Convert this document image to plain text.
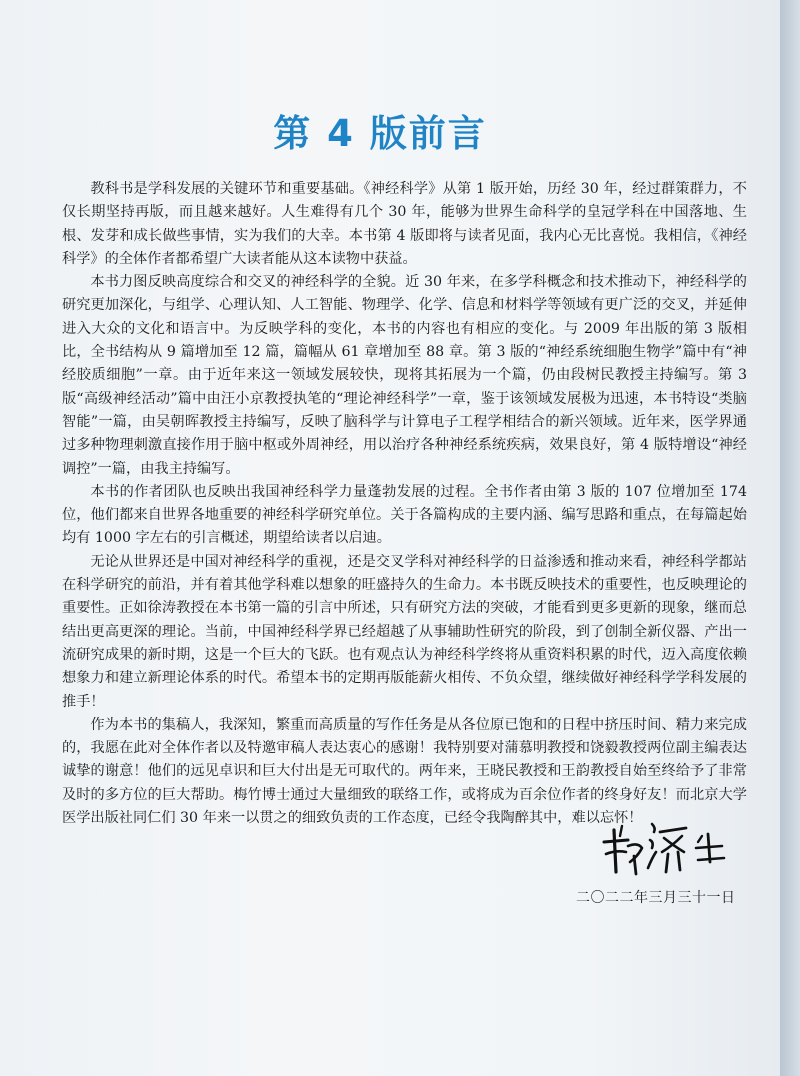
第 4 版前言

教科书是学科发展的关键环节和重要基础。《神经科学》从第 1 版开始，历经 30 年，经过群策群力，不仅长期坚持再版，而且越来越好。人生难得有几个 30 年，能够为世界生命科学的皇冠学科在中国落地、生根、发芽和成长做些事情，实为我们的大幸。本书第 4 版即将与读者见面，我内心无比喜悦。我相信，《神经科学》的全体作者都希望广大读者能从这本读物中获益。

本书力图反映高度综合和交叉的神经科学的全貌。近 30 年来，在多学科概念和技术推动下，神经科学的研究更加深化，与组学、心理认知、人工智能、物理学、化学、信息和材料学等领域有更广泛的交叉，并延伸进入大众的文化和语言中。为反映学科的变化，本书的内容也有相应的变化。与 2009 年出版的第 3 版相比，全书结构从 9 篇增加至 12 篇，篇幅从 61 章增加至 88 章。第 3 版的“神经系统细胞生物学”篇中有“神经胶质细胞”一章。由于近年来这一领域发展较快，现将其拓展为一个篇，仍由段树民教授主持编写。第 3 版“高级神经活动”篇中由汪小京教授执笔的“理论神经科学”一章，鉴于该领域发展极为迅速，本书特设“类脑智能”一篇，由吴朝晖教授主持编写，反映了脑科学与计算电子工程学相结合的新兴领域。近年来，医学界通过多种物理刺激直接作用于脑中枢或外周神经，用以治疗各种神经系统疾病，效果良好，第 4 版特增设“神经调控”一篇，由我主持编写。

本书的作者团队也反映出我国神经科学力量蓬勃发展的过程。全书作者由第 3 版的 107 位增加至 174 位，他们都来自世界各地重要的神经科学研究单位。关于各篇构成的主要内涵、编写思路和重点，在每篇起始均有 1000 字左右的引言概述，期望给读者以启迪。

无论从世界还是中国对神经科学的重视，还是交叉学科对神经科学的日益渗透和推动来看，神经科学都站在科学研究的前沿，并有着其他学科难以想象的旺盛持久的生命力。本书既反映技术的重要性，也反映理论的重要性。正如徐涛教授在本书第一篇的引言中所述，只有研究方法的突破，才能看到更多更新的现象，继而总结出更高更深的理论。当前，中国神经科学界已经超越了从事辅助性研究的阶段，到了创制全新仪器、产出一流研究成果的新时期，这是一个巨大的飞跃。也有观点认为神经科学终将从重资料积累的时代，迈入高度依赖想象力和建立新理论体系的时代。希望本书的定期再版能薪火相传、不负众望，继续做好神经科学学科发展的推手！

作为本书的集稿人，我深知，繁重而高质量的写作任务是从各位原已饱和的日程中挤压时间、精力来完成的，我愿在此对全体作者以及特邀审稿人表达衷心的感谢！我特别要对蒲慕明教授和饶毅教授两位副主编表达诚挚的谢意！他们的远见卓识和巨大付出是无可取代的。两年来，王晓民教授和王韵教授自始至终给予了非常及时的多方位的巨大帮助。梅竹博士通过大量细致的联络工作，或将成为百余位作者的终身好友！而北京大学医学出版社同仁们 30 年来一以贯之的细致负责的工作态度，已经令我陶醉其中，难以忘怀！

二〇二二年三月三十一日
